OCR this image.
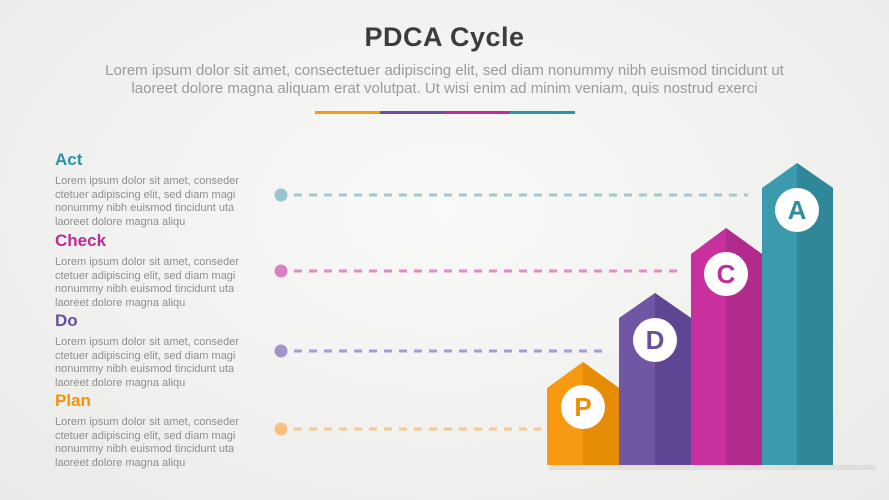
PDCA Cycle
Lorem ipsum dolor sit amet, consectetuer adipiscing elit, sed diam nonummy nibh euismod tincidunt ut
laoreet dolore magna aliquam erat volutpat. Ut wisi enim ad minim veniam, quis nostrud exerci
Act
Lorem ipsum dolor sit amet, conseder ctetuer adipiscing elit, sed diam magi nonummy nibh euismod tincidunt uta laoreet dolore magna aliqu
Check
Lorem ipsum dolor sit amet, conseder ctetuer adipiscing elit, sed diam magi nonummy nibh euismod tincidunt uta laoreet dolore magna aliqu
Do
Lorem ipsum dolor sit amet, conseder ctetuer adipiscing elit, sed diam magi nonummy nibh euismod tincidunt uta laoreet dolore magna aliqu
Plan
Lorem ipsum dolor sit amet, conseder ctetuer adipiscing elit, sed diam magi nonummy nibh euismod tincidunt uta laoreet dolore magna aliqu
P
D
C
A
